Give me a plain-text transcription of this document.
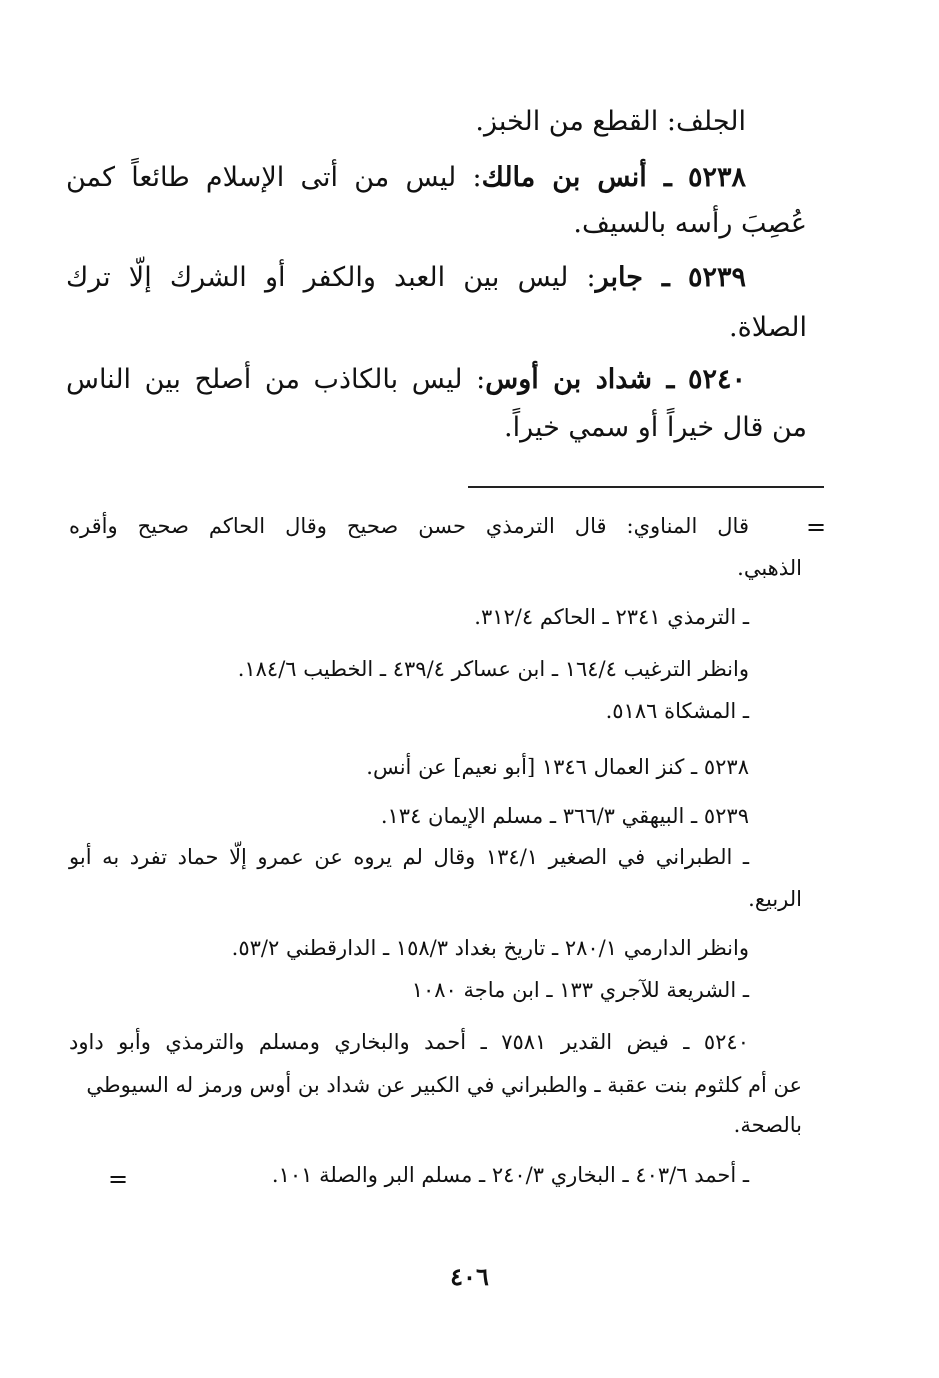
الجلف: القطع من الخبز.
٥٢٣٨ ـ أنس بن مالك: ليس من أتى الإسلام طائعاً كمن
عُصِبَ رأسه بالسيف.
٥٢٣٩ ـ جابر: ليس بين العبد والكفر أو الشرك إلّا ترك
الصلاة.
٥٢٤٠ ـ شداد بن أوس: ليس بالكاذب من أصلح بين الناس
من قال خيراً أو سمي خيراً.
=
قال المناوي: قال الترمذي حسن صحيح وقال الحاكم صحيح وأقره
الذهبي.
ـ الترمذي ٢٣٤١ ـ الحاكم ٣١٢/٤.
وانظر الترغيب ١٦٤/٤ ـ ابن عساكر ٤٣٩/٤ ـ الخطيب ١٨٤/٦.
ـ المشكاة ٥١٨٦.
٥٢٣٨ ـ كنز العمال ١٣٤٦ [أبو نعيم] عن أنس.
٥٢٣٩ ـ البيهقي ٣٦٦/٣ ـ مسلم الإيمان ١٣٤.
ـ الطبراني في الصغير ١٣٤/١ وقال لم يروه عن عمرو إلّا حماد تفرد به أبو
الربيع.
وانظر الدارمي ٢٨٠/١ ـ تاريخ بغداد ١٥٨/٣ ـ الدارقطني ٥٣/٢.
ـ الشريعة للآجري ١٣٣ ـ ابن ماجة ١٠٨٠
٥٢٤٠ ـ فيض القدير ٧٥٨١ ـ أحمد والبخاري ومسلم والترمذي وأبو داود
عن أم كلثوم بنت عقبة ـ والطبراني في الكبير عن شداد بن أوس ورمز له السيوطي
بالصحة.
ـ أحمد ٤٠٣/٦ ـ البخاري ٢٤٠/٣ ـ مسلم البر والصلة ١٠١.
=
٤٠٦
